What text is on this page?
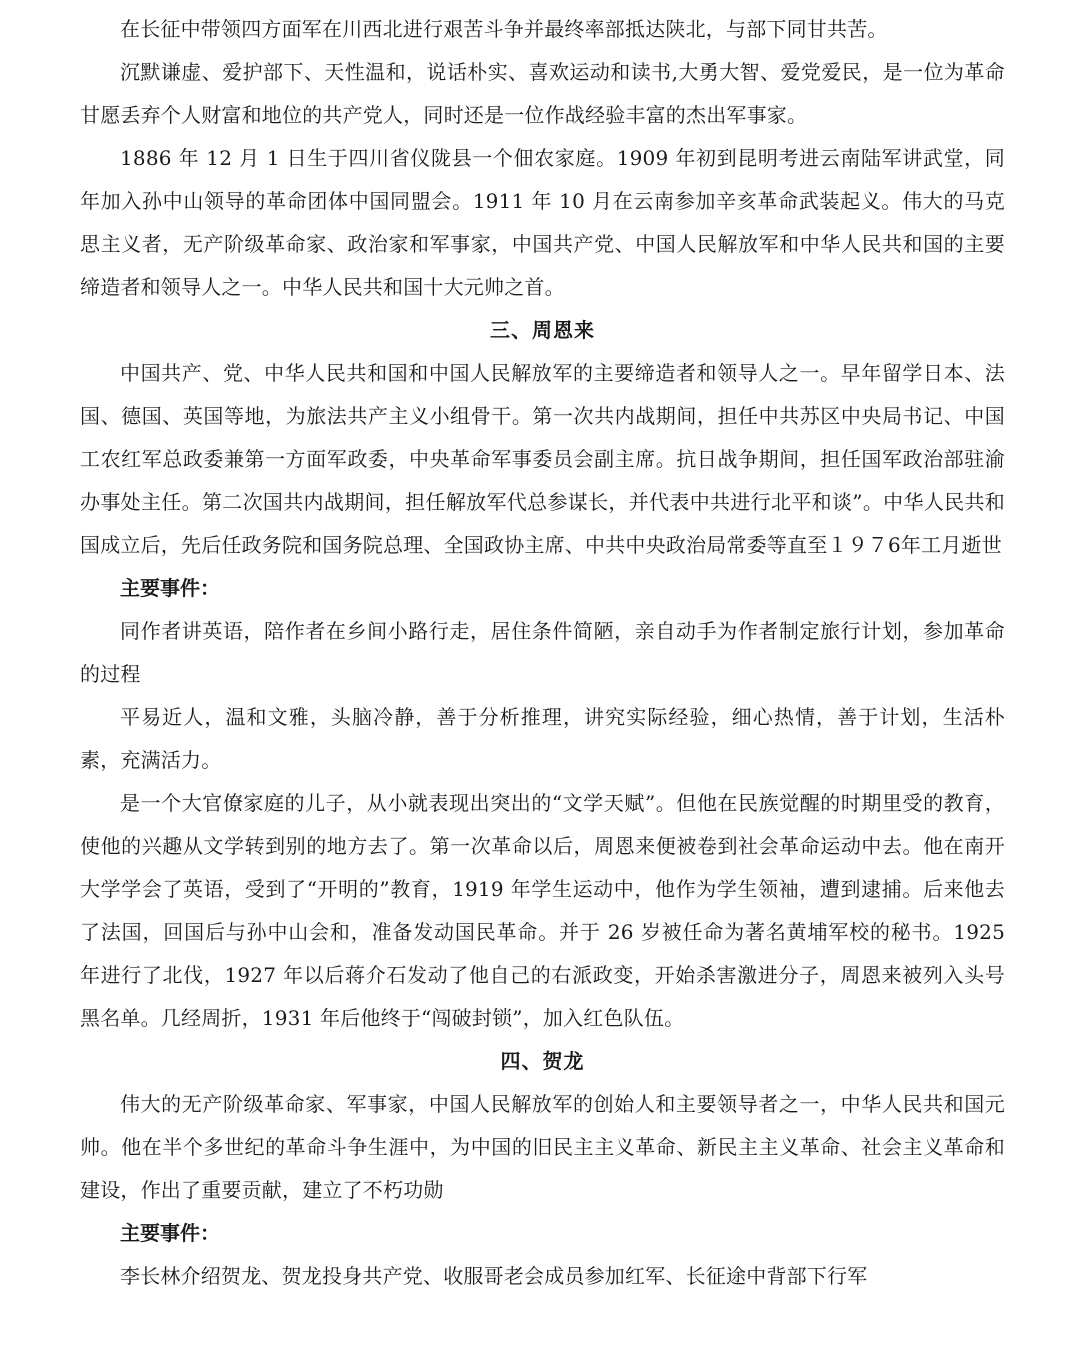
在长征中带领四方面军在川西北进行艰苦斗争并最终率部抵达陕北，与部下同甘共苦。

沉默谦虚、爱护部下、天性温和，说话朴实、喜欢运动和读书,大勇大智、爱党爱民，是一位为革命甘愿丢弃个人财富和地位的共产党人，同时还是一位作战经验丰富的杰出军事家。

1886 年 12 月 1 日生于四川省仪陇县一个佃农家庭。1909 年初到昆明考进云南陆军讲武堂，同年加入孙中山领导的革命团体中国同盟会。1911 年 10 月在云南参加辛亥革命武装起义。伟大的马克思主义者，无产阶级革命家、政治家和军事家，中国共产党、中国人民解放军和中华人民共和国的主要缔造者和领导人之一。中华人民共和国十大元帅之首。

三、周恩来

中国共产、党、中华人民共和国和中国人民解放军的主要缔造者和领导人之一。早年留学日本、法国、德国、英国等地，为旅法共产主义小组骨干。第一次共内战期间，担任中共苏区中央局书记、中国工农红军总政委兼第一方面军政委，中央革命军事委员会副主席。抗日战争期间，担任国军政治部驻渝办事处主任。第二次国共内战期间，担任解放军代总参谋长，并代表中共进行北平和谈”。中华人民共和国成立后，先后任政务院和国务院总理、全国政协主席、中共中央政治局常委等直至１９７6年工月逝世

主要事件：

同作者讲英语，陪作者在乡间小路行走，居住条件简陋，亲自动手为作者制定旅行计划，参加革命的过程

平易近人，温和文雅，头脑冷静，善于分析推理，讲究实际经验，细心热情，善于计划，生活朴素，充满活力。

是一个大官僚家庭的儿子，从小就表现出突出的“文学天赋”。但他在民族觉醒的时期里受的教育，使他的兴趣从文学转到别的地方去了。第一次革命以后，周恩来便被卷到社会革命运动中去。他在南开大学学会了英语，受到了“开明的”教育，1919 年学生运动中，他作为学生领袖，遭到逮捕。后来他去了法国，回国后与孙中山会和，准备发动国民革命。并于 26 岁被任命为著名黄埔军校的秘书。1925 年进行了北伐，1927 年以后蒋介石发动了他自己的右派政变，开始杀害激进分子，周恩来被列入头号黑名单。几经周折，1931 年后他终于“闯破封锁”，加入红色队伍。

四、贺龙

伟大的无产阶级革命家、军事家，中国人民解放军的创始人和主要领导者之一，中华人民共和国元帅。他在半个多世纪的革命斗争生涯中，为中国的旧民主主义革命、新民主主义革命、社会主义革命和建设，作出了重要贡献，建立了不朽功勋

主要事件：

李长林介绍贺龙、贺龙投身共产党、收服哥老会成员参加红军、长征途中背部下行军
